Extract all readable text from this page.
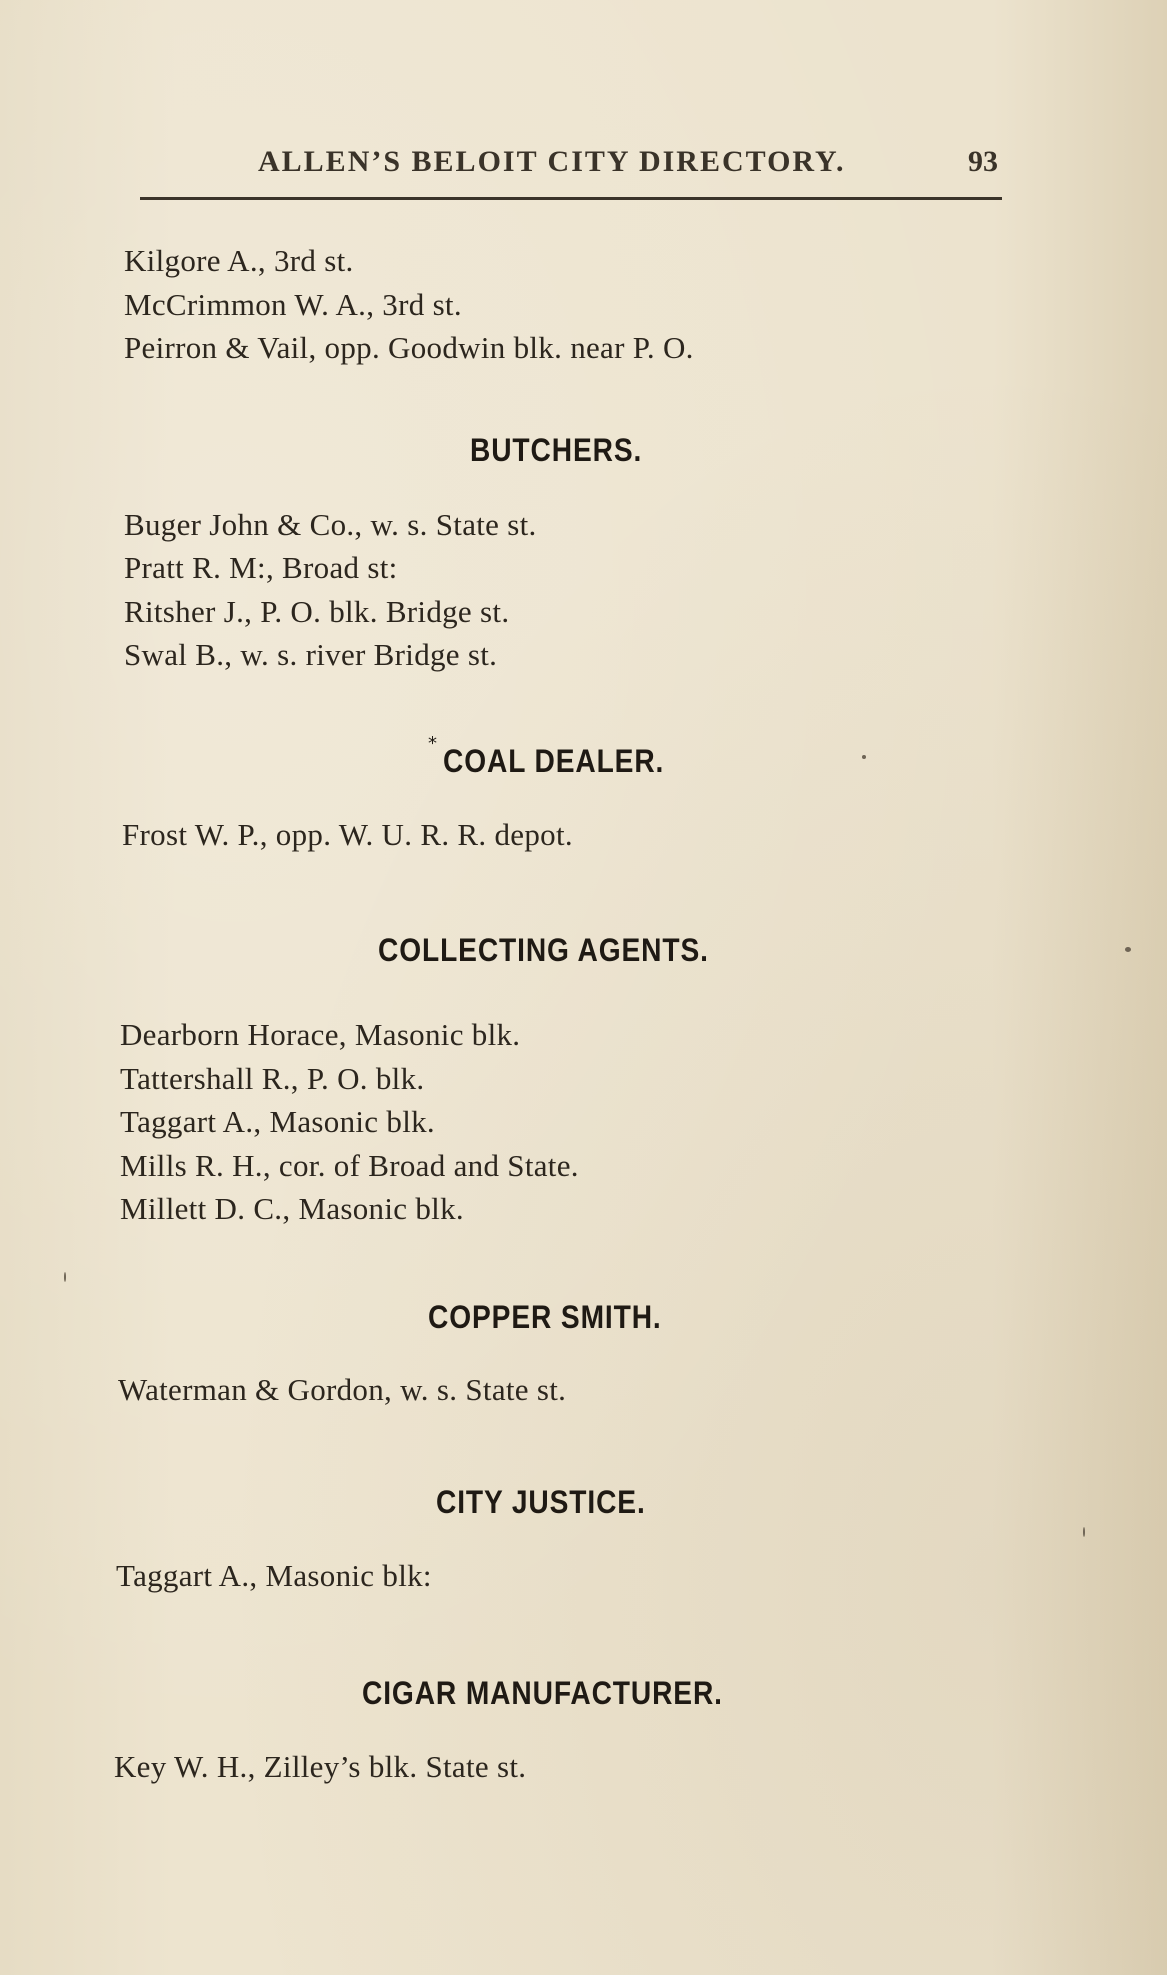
ALLEN’S BELOIT CITY DIRECTORY.	93
Kilgore A., 3rd st.
McCrimmon W. A., 3rd st.
Peirron & Vail, opp. Goodwin blk. near P. O.
BUTCHERS.
Buger John & Co., w. s. State st.
Pratt R. M:, Broad st:
Ritsher J., P. O. blk. Bridge st.
Swal B., w. s. river Bridge st.
* COAL DEALER.
Frost W. P., opp. W. U. R. R. depot.
COLLECTING AGENTS.
Dearborn Horace, Masonic blk.
Tattershall R., P. O. blk.
Taggart A., Masonic blk.
Mills R. H., cor. of Broad and State.
Millett D. C., Masonic blk.
COPPER SMITH.
Waterman & Gordon, w. s. State st.
CITY JUSTICE.
Taggart A., Masonic blk:
CIGAR MANUFACTURER.
Key W. H., Zilley’s blk. State st.
